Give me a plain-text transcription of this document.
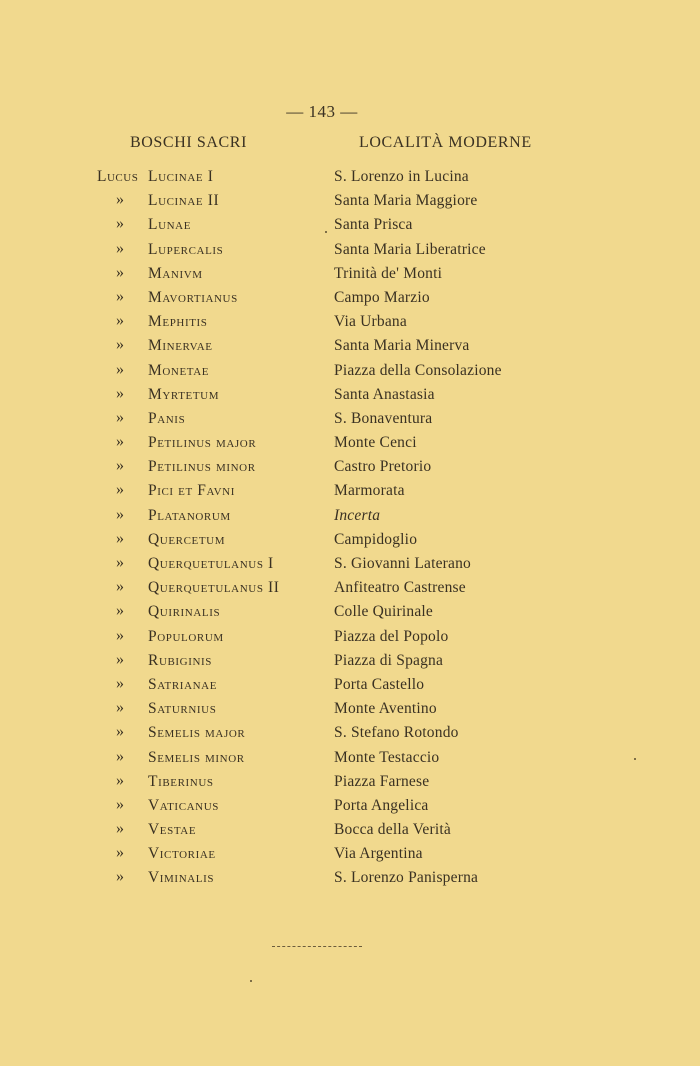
— 143 —
BOSCHI SACRI	LOCALITÀ MODERNE
Lucus Lucinae I	S. Lorenzo in Lucina
» Lucinae II	Santa Maria Maggiore
» Lunae	Santa Prisca
» Lupercalis	Santa Maria Liberatrice
» Manivm	Trinità de' Monti
» Mavortianus	Campo Marzio
» Mephitis	Via Urbana
» Minervae	Santa Maria Minerva
» Monetae	Piazza della Consolazione
» Myrtetum	Santa Anastasia
» Panis	S. Bonaventura
» Petilinus major	Monte Cenci
» Petilinus minor	Castro Pretorio
» Pici et Favni	Marmorata
» Platanorum	Incerta
» Quercetum	Campidoglio
» Querquetulanus I	S. Giovanni Laterano
» Querquetulanus II	Anfiteatro Castrense
» Quirinalis	Colle Quirinale
» Populorum	Piazza del Popolo
» Rubiginis	Piazza di Spagna
» Satrianae	Porta Castello
» Saturnius	Monte Aventino
» Semelis major	S. Stefano Rotondo
» Semelis minor	Monte Testaccio
» Tiberinus	Piazza Farnese
» Vaticanus	Porta Angelica
» Vestae	Bocca della Verità
» Victoriae	Via Argentina
» Viminalis	S. Lorenzo Panisperna
